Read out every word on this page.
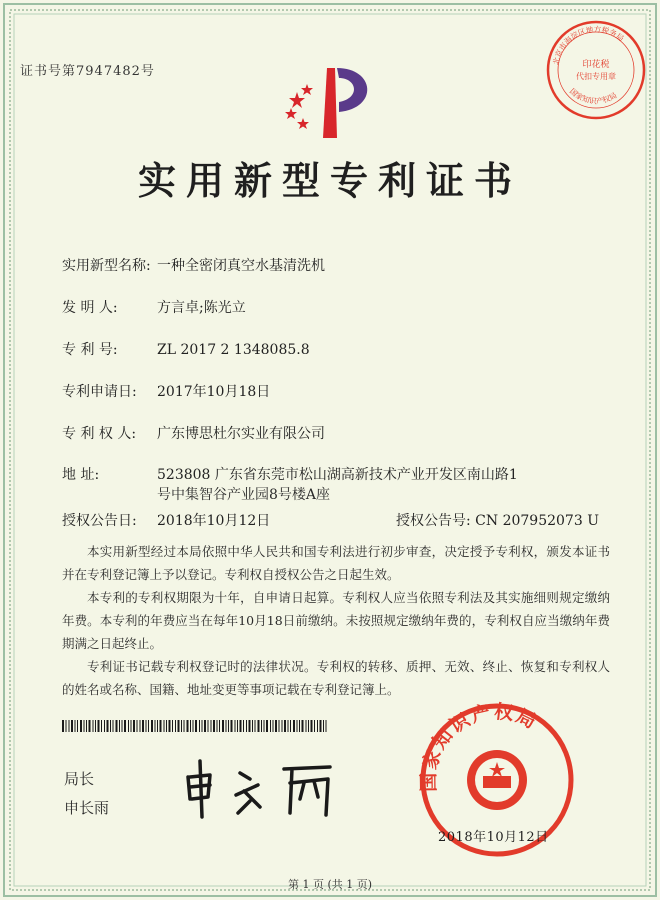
证书号第7947482号
实用新型专利证书
印花税
代扣专用章
北京市海淀区地方税务局
国家知识产权局
实用新型名称: 一种全密闭真空水基清洗机
发 明 人:	方言卓;陈光立
专 利 号:	ZL 2017 2 1348085.8
专利申请日: 2017年10月18日
专 利 权 人: 广东博思杜尔实业有限公司
地 址:	523808 广东省东莞市松山湖高新技术产业开发区南山路1
号中集智谷产业园8号楼A座
授权公告日: 2018年10月12日	授权公告号: CN 207952073 U
本实用新型经过本局依照中华人民共和国专利法进行初步审查，决定授予专利权，颁发本证书并在专利登记簿上予以登记。专利权自授权公告之日起生效。
本专利的专利权期限为十年，自申请日起算。专利权人应当依照专利法及其实施细则规定缴纳年费。本专利的年费应当在每年10月18日前缴纳。未按照规定缴纳年费的，专利权自应当缴纳年费期满之日起终止。
专利证书记载专利权登记时的法律状况。专利权的转移、质押、无效、终止、恢复和专利权人的姓名或名称、国籍、地址变更等事项记载在专利登记簿上。
局长
申长雨
国家知识产权局
2018年10月12日
第 1 页 (共 1 页)
